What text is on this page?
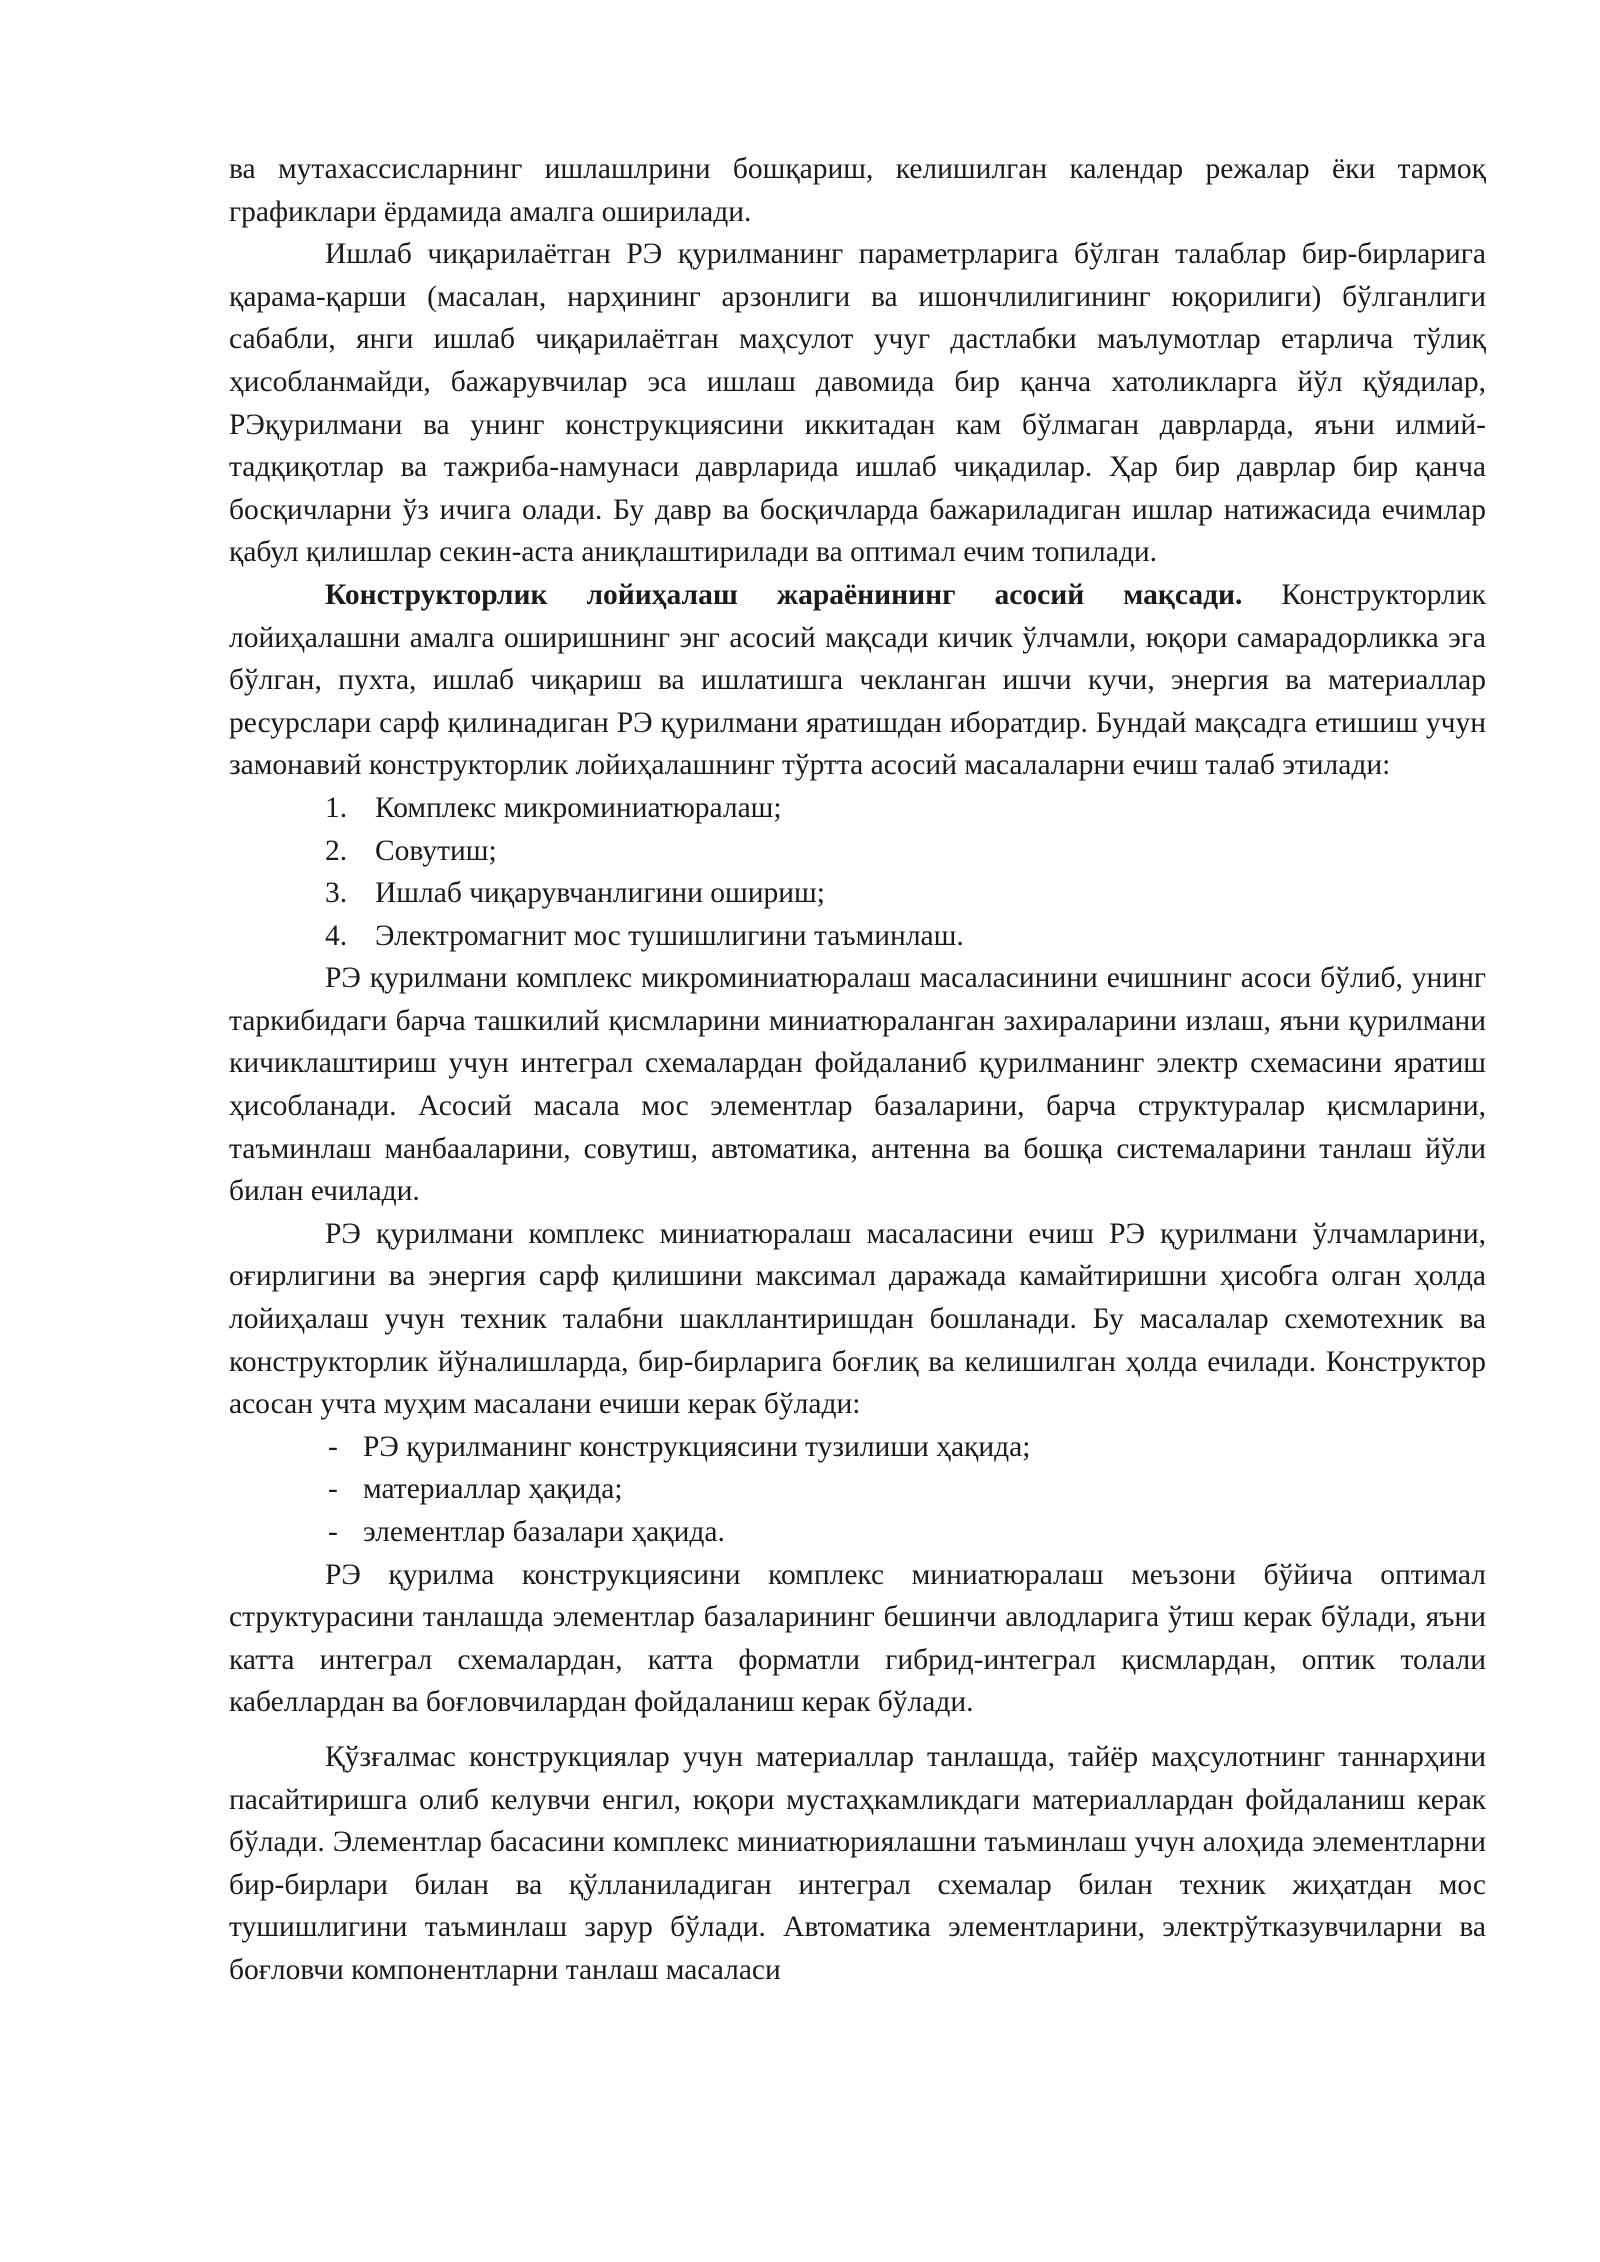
ва мутахассисларнинг ишлашлрини бошқариш, келишилган календар режалар ёки тармоқ графиклари ёрдамида амалга оширилади.

Ишлаб чиқарилаётган РЭ қурилманинг параметрларига бўлган талаблар бир-бирларига қарама-қарши (масалан, нарҳининг арзонлиги ва ишончлилигининг юқорилиги) бўлганлиги сабабли, янги ишлаб чиқарилаётган маҳсулот учуг дастлабки маълумотлар етарлича тўлиқ ҳисобланмайди, бажарувчилар эса ишлаш давомида бир қанча хатоликларга йўл қўядилар, РЭқурилмани ва унинг конструкциясини иккитадан кам бўлмаган даврларда, яъни илмий-тадқиқотлар ва тажриба-намунаси даврларида ишлаб чиқадилар. Ҳар бир даврлар бир қанча босқичларни ўз ичига олади. Бу давр ва босқичларда бажариладиган ишлар натижасида ечимлар қабул қилишлар секин-аста аниқлаштирилади ва оптимал ечим топилади.

Конструкторлик лойиҳалаш жараёнининг асосий мақсади. Конструкторлик лойиҳалашни амалга оширишнинг энг асосий мақсади кичик ўлчамли, юқори самарадорликка эга бўлган, пухта, ишлаб чиқариш ва ишлатишга чекланган ишчи кучи, энергия ва материаллар ресурслари сарф қилинадиган РЭ қурилмани яратишдан иборатдир. Бундай мақсадга етишиш учун замонавий конструкторлик лойиҳалашнинг тўртта асосий масалаларни ечиш талаб этилади:

1. Комплекс микроминиатюралаш;
2. Совутиш;
3. Ишлаб чиқарувчанлигини ошириш;
4. Электромагнит мос тушишлигини таъминлаш.

РЭ қурилмани комплекс микроминиатюралаш масаласинини ечишнинг асоси бўлиб, унинг таркибидаги барча ташкилий қисмларини миниатюраланган захираларини излаш, яъни қурилмани кичиклаштириш учун интеграл схемалардан фойдаланиб қурилманинг электр схемасини яратиш ҳисобланади. Асосий масала мос элементлар базаларини, барча структуралар қисмларини, таъминлаш манбааларини, совутиш, автоматика, антенна ва бошқа системаларини танлаш йўли билан ечилади.

РЭ қурилмани комплекс миниатюралаш масаласини ечиш РЭ қурилмани ўлчамларини, оғирлигини ва энергия сарф қилишини максимал даражада камайтиришни ҳисобга олган ҳолда лойиҳалаш учун техник талабни шакллантиришдан бошланади. Бу масалалар схемотехник ва конструкторлик йўналишларда, бир-бирларига боғлиқ ва келишилган ҳолда ечилади. Конструктор асосан учта муҳим масалани ечиши керак бўлади:

- РЭ қурилманинг конструкциясини тузилиши ҳақида;
- материаллар ҳақида;
- элементлар базалари ҳақида.

РЭ қурилма конструкциясини комплекс миниатюралаш меъзони бўйича оптимал структурасини танлашда элементлар базаларининг бешинчи авлодларига ўтиш керак бўлади, яъни катта интеграл схемалардан, катта форматли гибрид-интеграл қисмлардан, оптик толали кабеллардан ва боғловчилардан фойдаланиш керак бўлади.

Қўзғалмас конструкциялар учун материаллар танлашда, тайёр маҳсулотнинг таннарҳини пасайтиришга олиб келувчи енгил, юқори мустаҳкамликдаги материаллардан фойдаланиш керак бўлади. Элементлар басасини комплекс миниатюриялашни таъминлаш учун алоҳида элементларни бир-бирлари билан ва қўлланиладиган интеграл схемалар билан техник жиҳатдан мос тушишлигини таъминлаш зарур бўлади. Автоматика элементларини, электрўтказувчиларни ва боғловчи компонентларни танлаш масаласи
